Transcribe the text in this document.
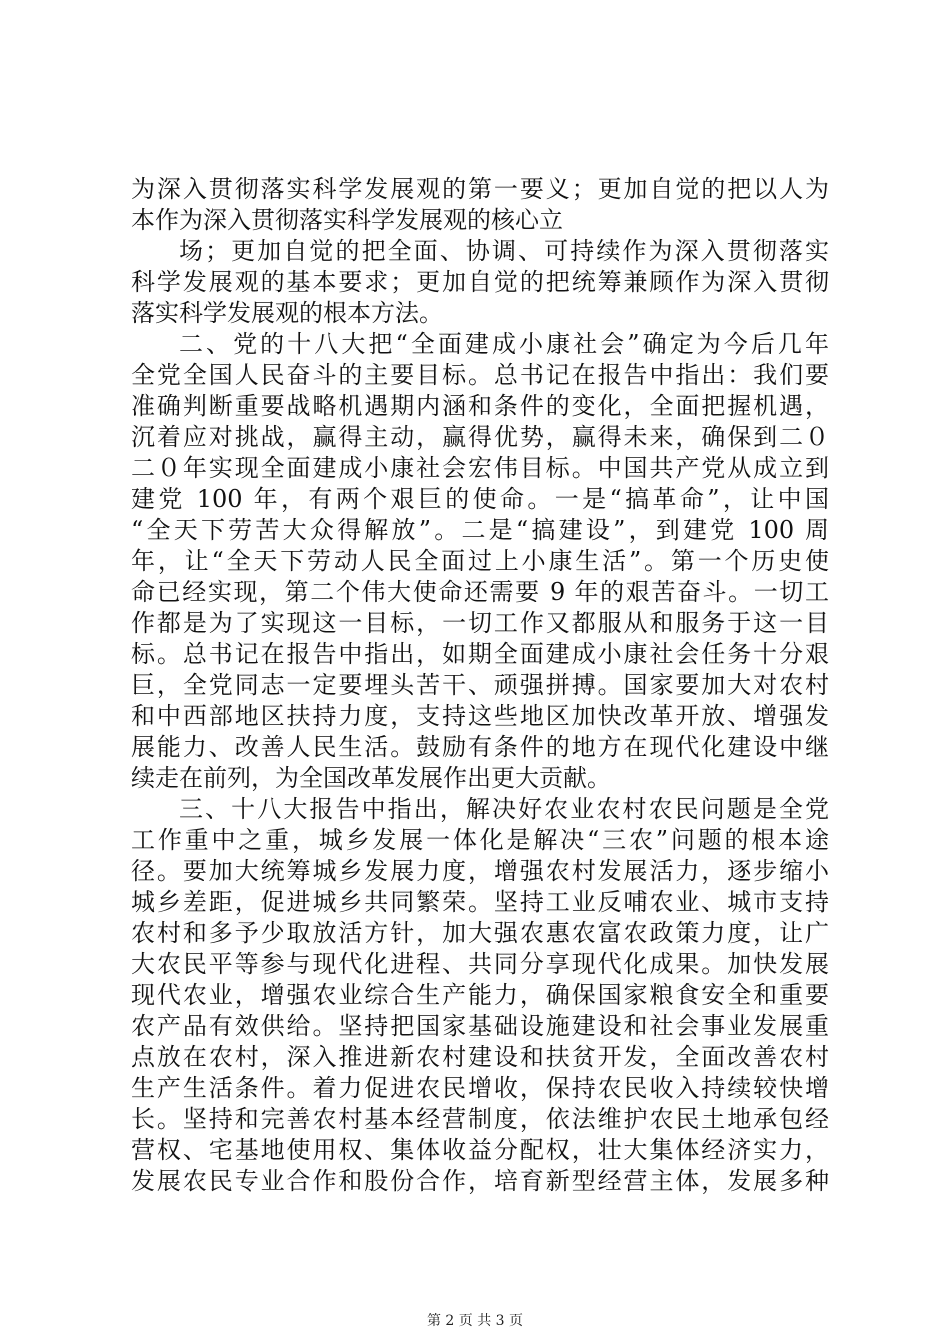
为深入贯彻落实科学发展观的第一要义；更加自觉的把以人为
本作为深入贯彻落实科学发展观的核心立
场；更加自觉的把全面、协调、可持续作为深入贯彻落实
科学发展观的基本要求；更加自觉的把统筹兼顾作为深入贯彻
落实科学发展观的根本方法。
二、党的十八大把“全面建成小康社会”确定为今后几年
全党全国人民奋斗的主要目标。总书记在报告中指出：我们要
准确判断重要战略机遇期内涵和条件的变化，全面把握机遇，
沉着应对挑战，赢得主动，赢得优势，赢得未来，确保到二０
二０年实现全面建成小康社会宏伟目标。中国共产党从成立到
建党 100 年，有两个艰巨的使命。一是“搞革命”，让中国
“全天下劳苦大众得解放”。二是“搞建设”，到建党 100 周
年，让“全天下劳动人民全面过上小康生活”。第一个历史使
命已经实现，第二个伟大使命还需要 9 年的艰苦奋斗。一切工
作都是为了实现这一目标，一切工作又都服从和服务于这一目
标。总书记在报告中指出，如期全面建成小康社会任务十分艰
巨，全党同志一定要埋头苦干、顽强拼搏。国家要加大对农村
和中西部地区扶持力度，支持这些地区加快改革开放、增强发
展能力、改善人民生活。鼓励有条件的地方在现代化建设中继
续走在前列，为全国改革发展作出更大贡献。
三、十八大报告中指出，解决好农业农村农民问题是全党
工作重中之重，城乡发展一体化是解决“三农”问题的根本途
径。要加大统筹城乡发展力度，增强农村发展活力，逐步缩小
城乡差距，促进城乡共同繁荣。坚持工业反哺农业、城市支持
农村和多予少取放活方针，加大强农惠农富农政策力度，让广
大农民平等参与现代化进程、共同分享现代化成果。加快发展
现代农业，增强农业综合生产能力，确保国家粮食安全和重要
农产品有效供给。坚持把国家基础设施建设和社会事业发展重
点放在农村，深入推进新农村建设和扶贫开发，全面改善农村
生产生活条件。着力促进农民增收，保持农民收入持续较快增
长。坚持和完善农村基本经营制度，依法维护农民土地承包经
营权、宅基地使用权、集体收益分配权，壮大集体经济实力，
发展农民专业合作和股份合作，培育新型经营主体，发展多种
第 2 页 共 3 页
